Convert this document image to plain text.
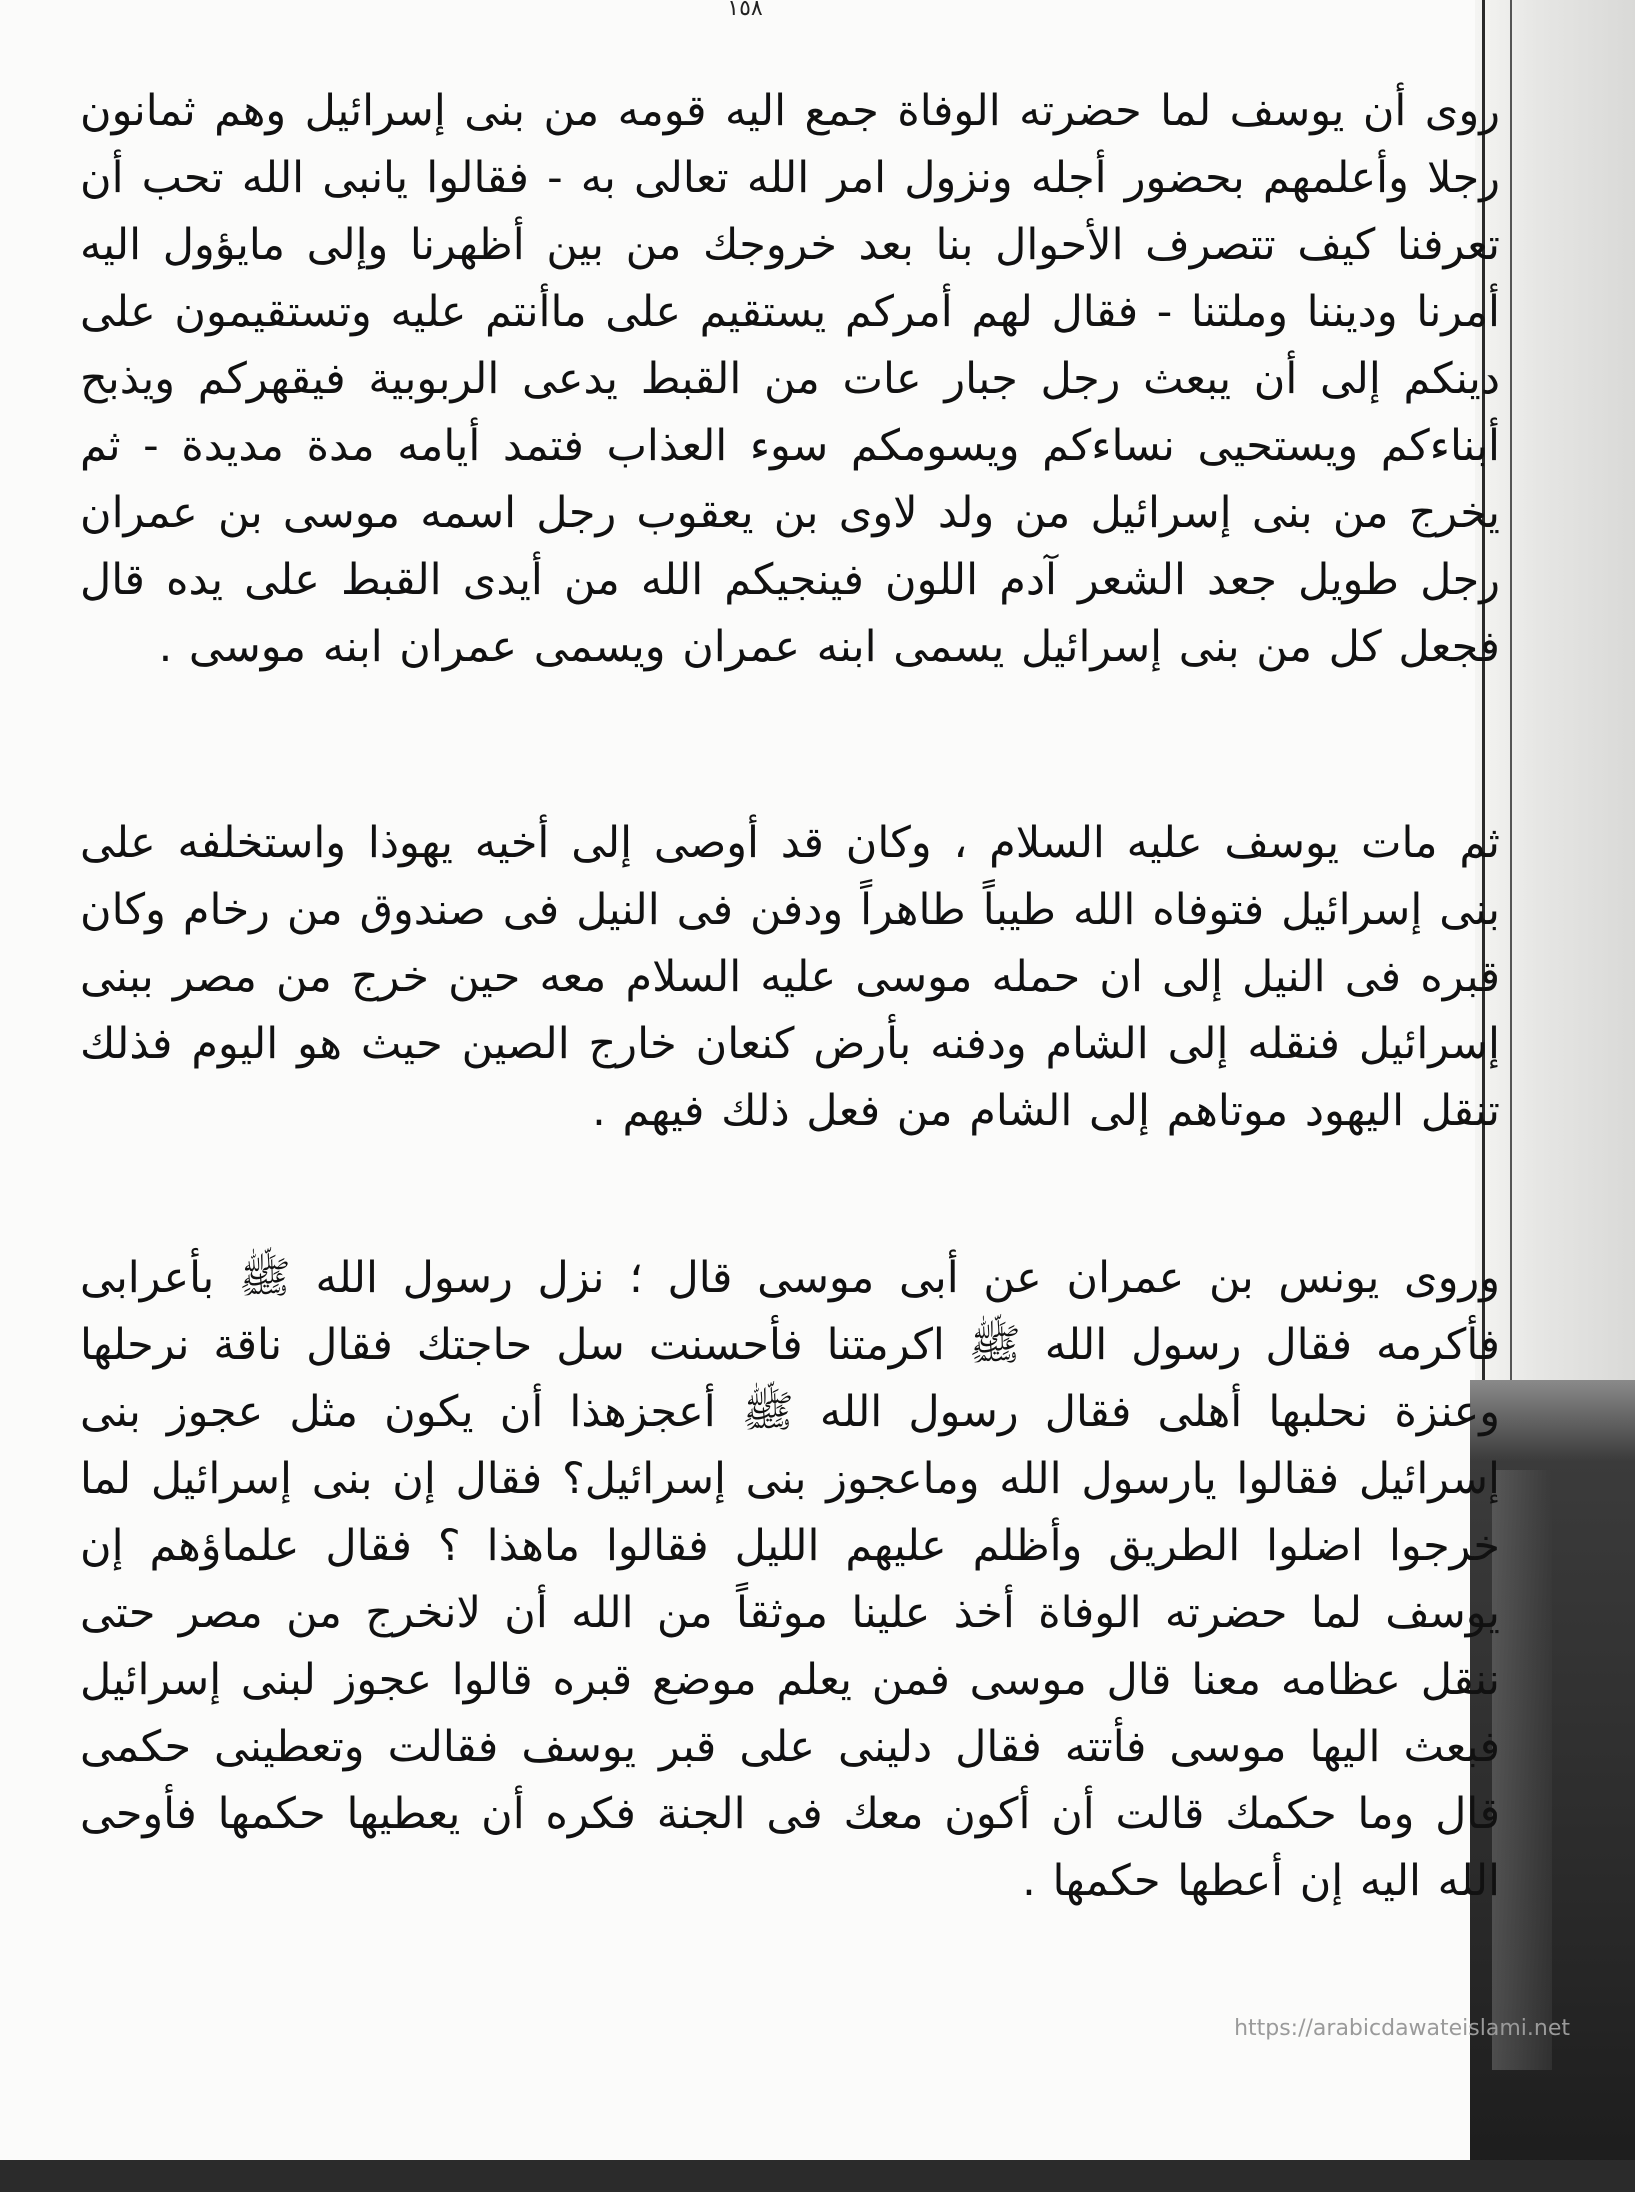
١٥٨
روى أن يوسف لما حضرته الوفاة جمع اليه قومه من بنى إسرائيل وهم ثمانون رجلا وأعلمهم بحضور أجله ونزول امر الله تعالى به - فقالوا يانبى الله تحب أن تعرفنا كيف تتصرف الأحوال بنا بعد خروجك من بين أظهرنا وإلى مايؤول اليه أمرنا وديننا وملتنا - فقال لهم أمركم يستقيم على ماأنتم عليه وتستقيمون على دينكم إلى أن يبعث رجل جبار عات من القبط يدعى الربوبية فيقهركم ويذبح أبناءكم ويستحيى نساءكم ويسومكم سوء العذاب فتمد أيامه مدة مديدة - ثم يخرج من بنى إسرائيل من ولد لاوى بن يعقوب رجل اسمه موسى بن عمران رجل طويل جعد الشعر آدم اللون فينجيكم الله من أيدى القبط على يده قال فجعل كل من بنى إسرائيل يسمى ابنه عمران ويسمى عمران ابنه موسى .
ثم مات يوسف عليه السلام ، وكان قد أوصى إلى أخيه يهوذا واستخلفه على بنى إسرائيل فتوفاه الله طيباً طاهراً ودفن فى النيل فى صندوق من رخام وكان قبره فى النيل إلى ان حمله موسى عليه السلام معه حين خرج من مصر ببنى إسرائيل فنقله إلى الشام ودفنه بأرض كنعان خارج الصين حيث هو اليوم فذلك تنقل اليهود موتاهم إلى الشام من فعل ذلك فيهم .
وروى يونس بن عمران عن أبى موسى قال ؛ نزل رسول الله ﷺ بأعرابى فأكرمه فقال رسول الله ﷺ اكرمتنا فأحسنت سل حاجتك فقال ناقة نرحلها وعنزة نحلبها أهلى فقال رسول الله ﷺ أعجزهذا أن يكون مثل عجوز بنى إسرائيل فقالوا يارسول الله وماعجوز بنى إسرائيل؟ فقال إن بنى إسرائيل لما خرجوا اضلوا الطريق وأظلم عليهم الليل فقالوا ماهذا ؟ فقال علماؤهم إن يوسف لما حضرته الوفاة أخذ علينا موثقاً من الله أن لانخرج من مصر حتى ننقل عظامه معنا قال موسى فمن يعلم موضع قبره قالوا عجوز لبنى إسرائيل فبعث اليها موسى فأتته فقال دلينى على قبر يوسف فقالت وتعطينى حكمى قال وما حكمك قالت أن أكون معك فى الجنة فكره أن يعطيها حكمها فأوحى الله اليه إن أعطها حكمها .
https://arabicdawateislami.net
